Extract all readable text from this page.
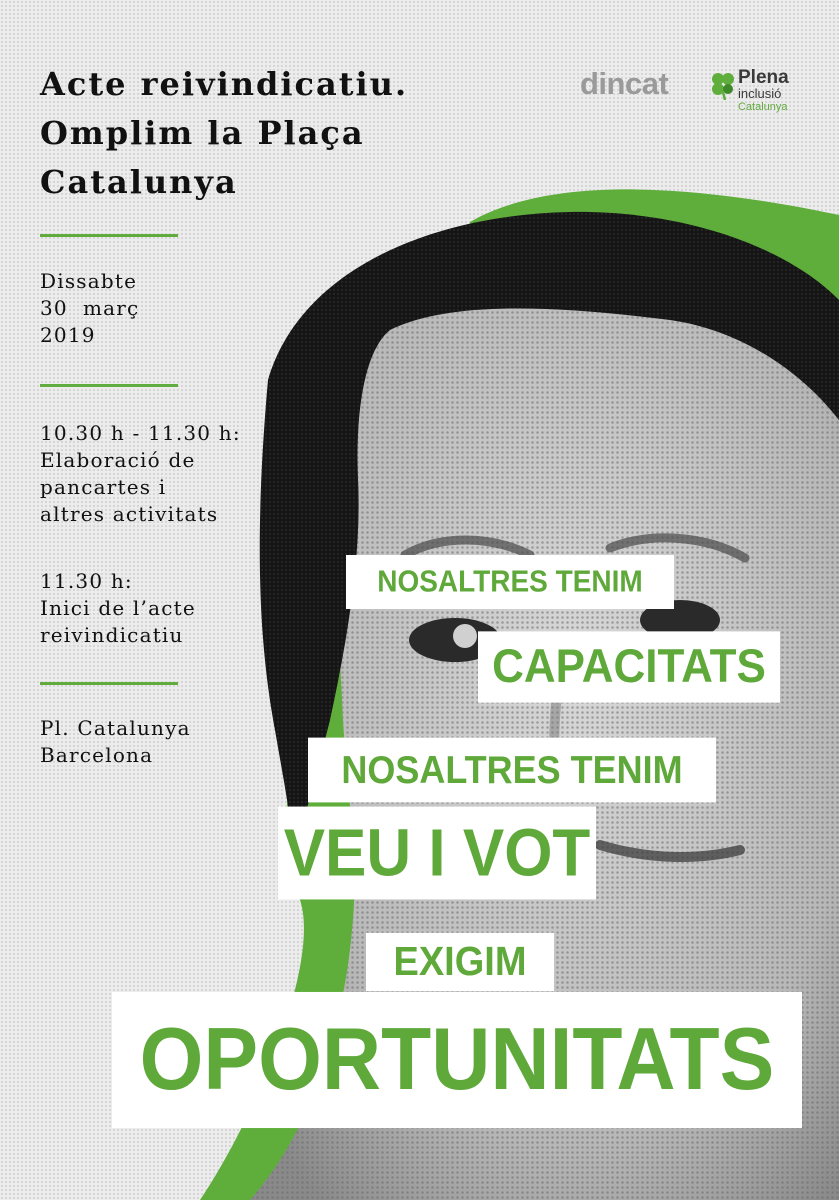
Acte reivindicatiu.
Omplim la Plaça
Catalunya

Dissabte
30  març
2019

10.30 h - 11.30 h:
Elaboració de
pancartes i
altres activitats

11.30 h:
Inici de l’acte
reivindicatiu

Pl. Catalunya
Barcelona

dincat	Plena
inclusió
Catalunya
NOSALTRES TENIM
CAPACITATS
NOSALTRES TENIM
VEU I VOT
EXIGIM
OPORTUNITATS
